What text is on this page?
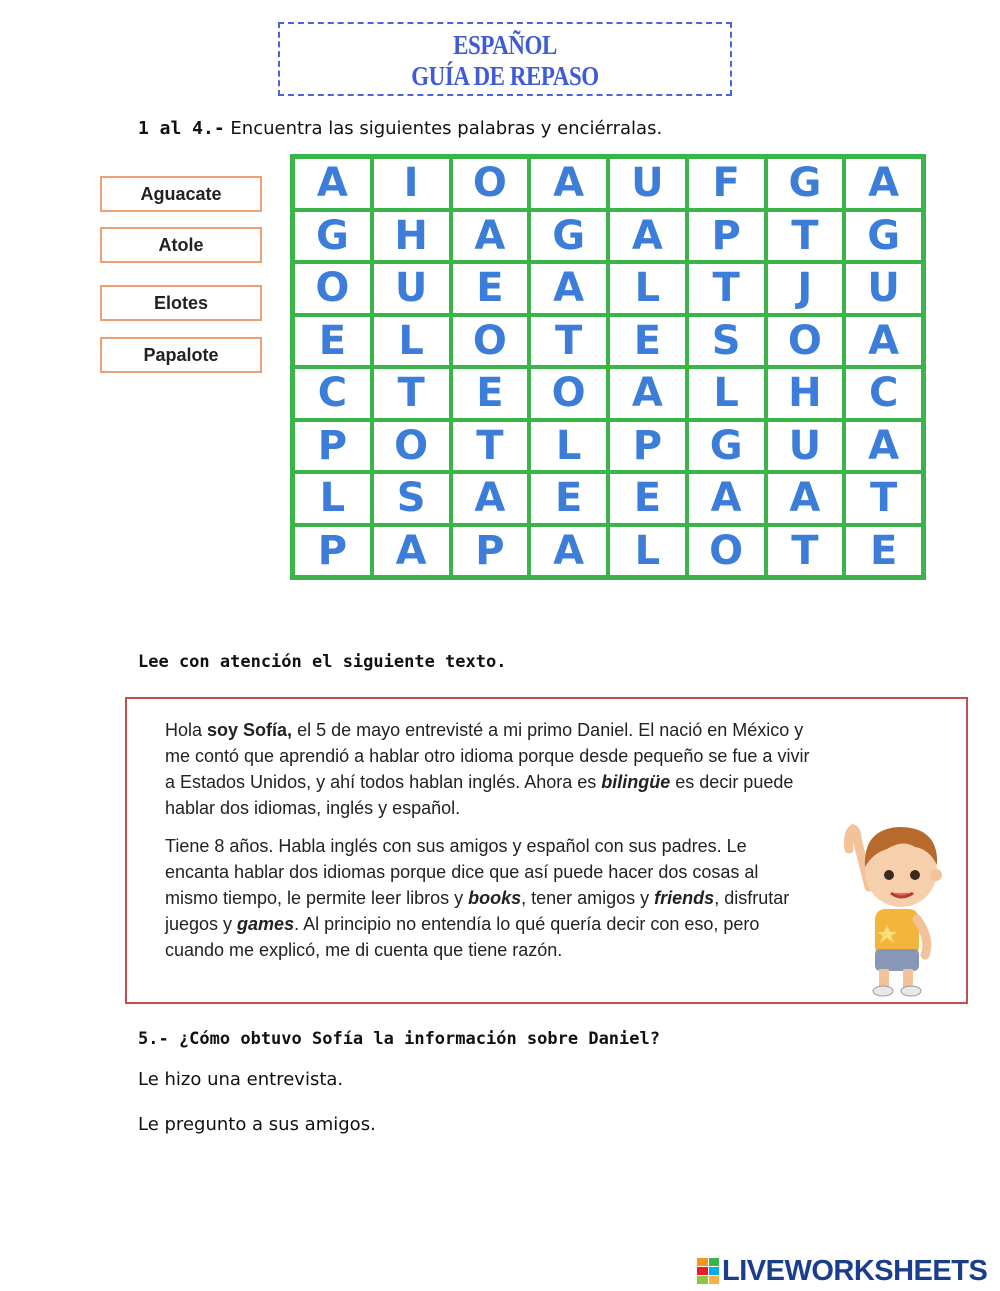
ESPAÑOL
GUÍA DE REPASO
1 al 4.- Encuentra las siguientes palabras y enciérralas.
Aguacate
Atole
Elotes
Papalote
A	I	O	A	U	F	G	A
G	H	A	G	A	P	T	G
O	U	E	A	L	T	J	U
E	L	O	T	E	S	O	A
C	T	E	O	A	L	H	C
P	O	T	L	P	G	U	A
L	S	A	E	E	A	A	T
P	A	P	A	L	O	T	E
Lee con atención el siguiente texto.
Hola soy Sofía, el 5 de mayo entrevisté a mi primo Daniel. El nació en México y me contó que aprendió a hablar otro idioma porque desde pequeño se fue a vivir a Estados Unidos, y ahí todos hablan inglés. Ahora es bilingüe es decir puede hablar dos idiomas, inglés y español.
Tiene 8 años. Habla inglés con sus amigos y español con sus padres. Le encanta hablar dos idiomas porque dice que así puede hacer dos cosas al mismo tiempo, le permite leer libros y books, tener amigos y friends, disfrutar juegos y games. Al principio no entendía lo qué quería decir con eso, pero cuando me explicó, me di cuenta que tiene razón.
5.- ¿Cómo obtuvo Sofía la información sobre Daniel?
Le hizo una entrevista.
Le pregunto a sus amigos.
LIVEWORKSHEETS
